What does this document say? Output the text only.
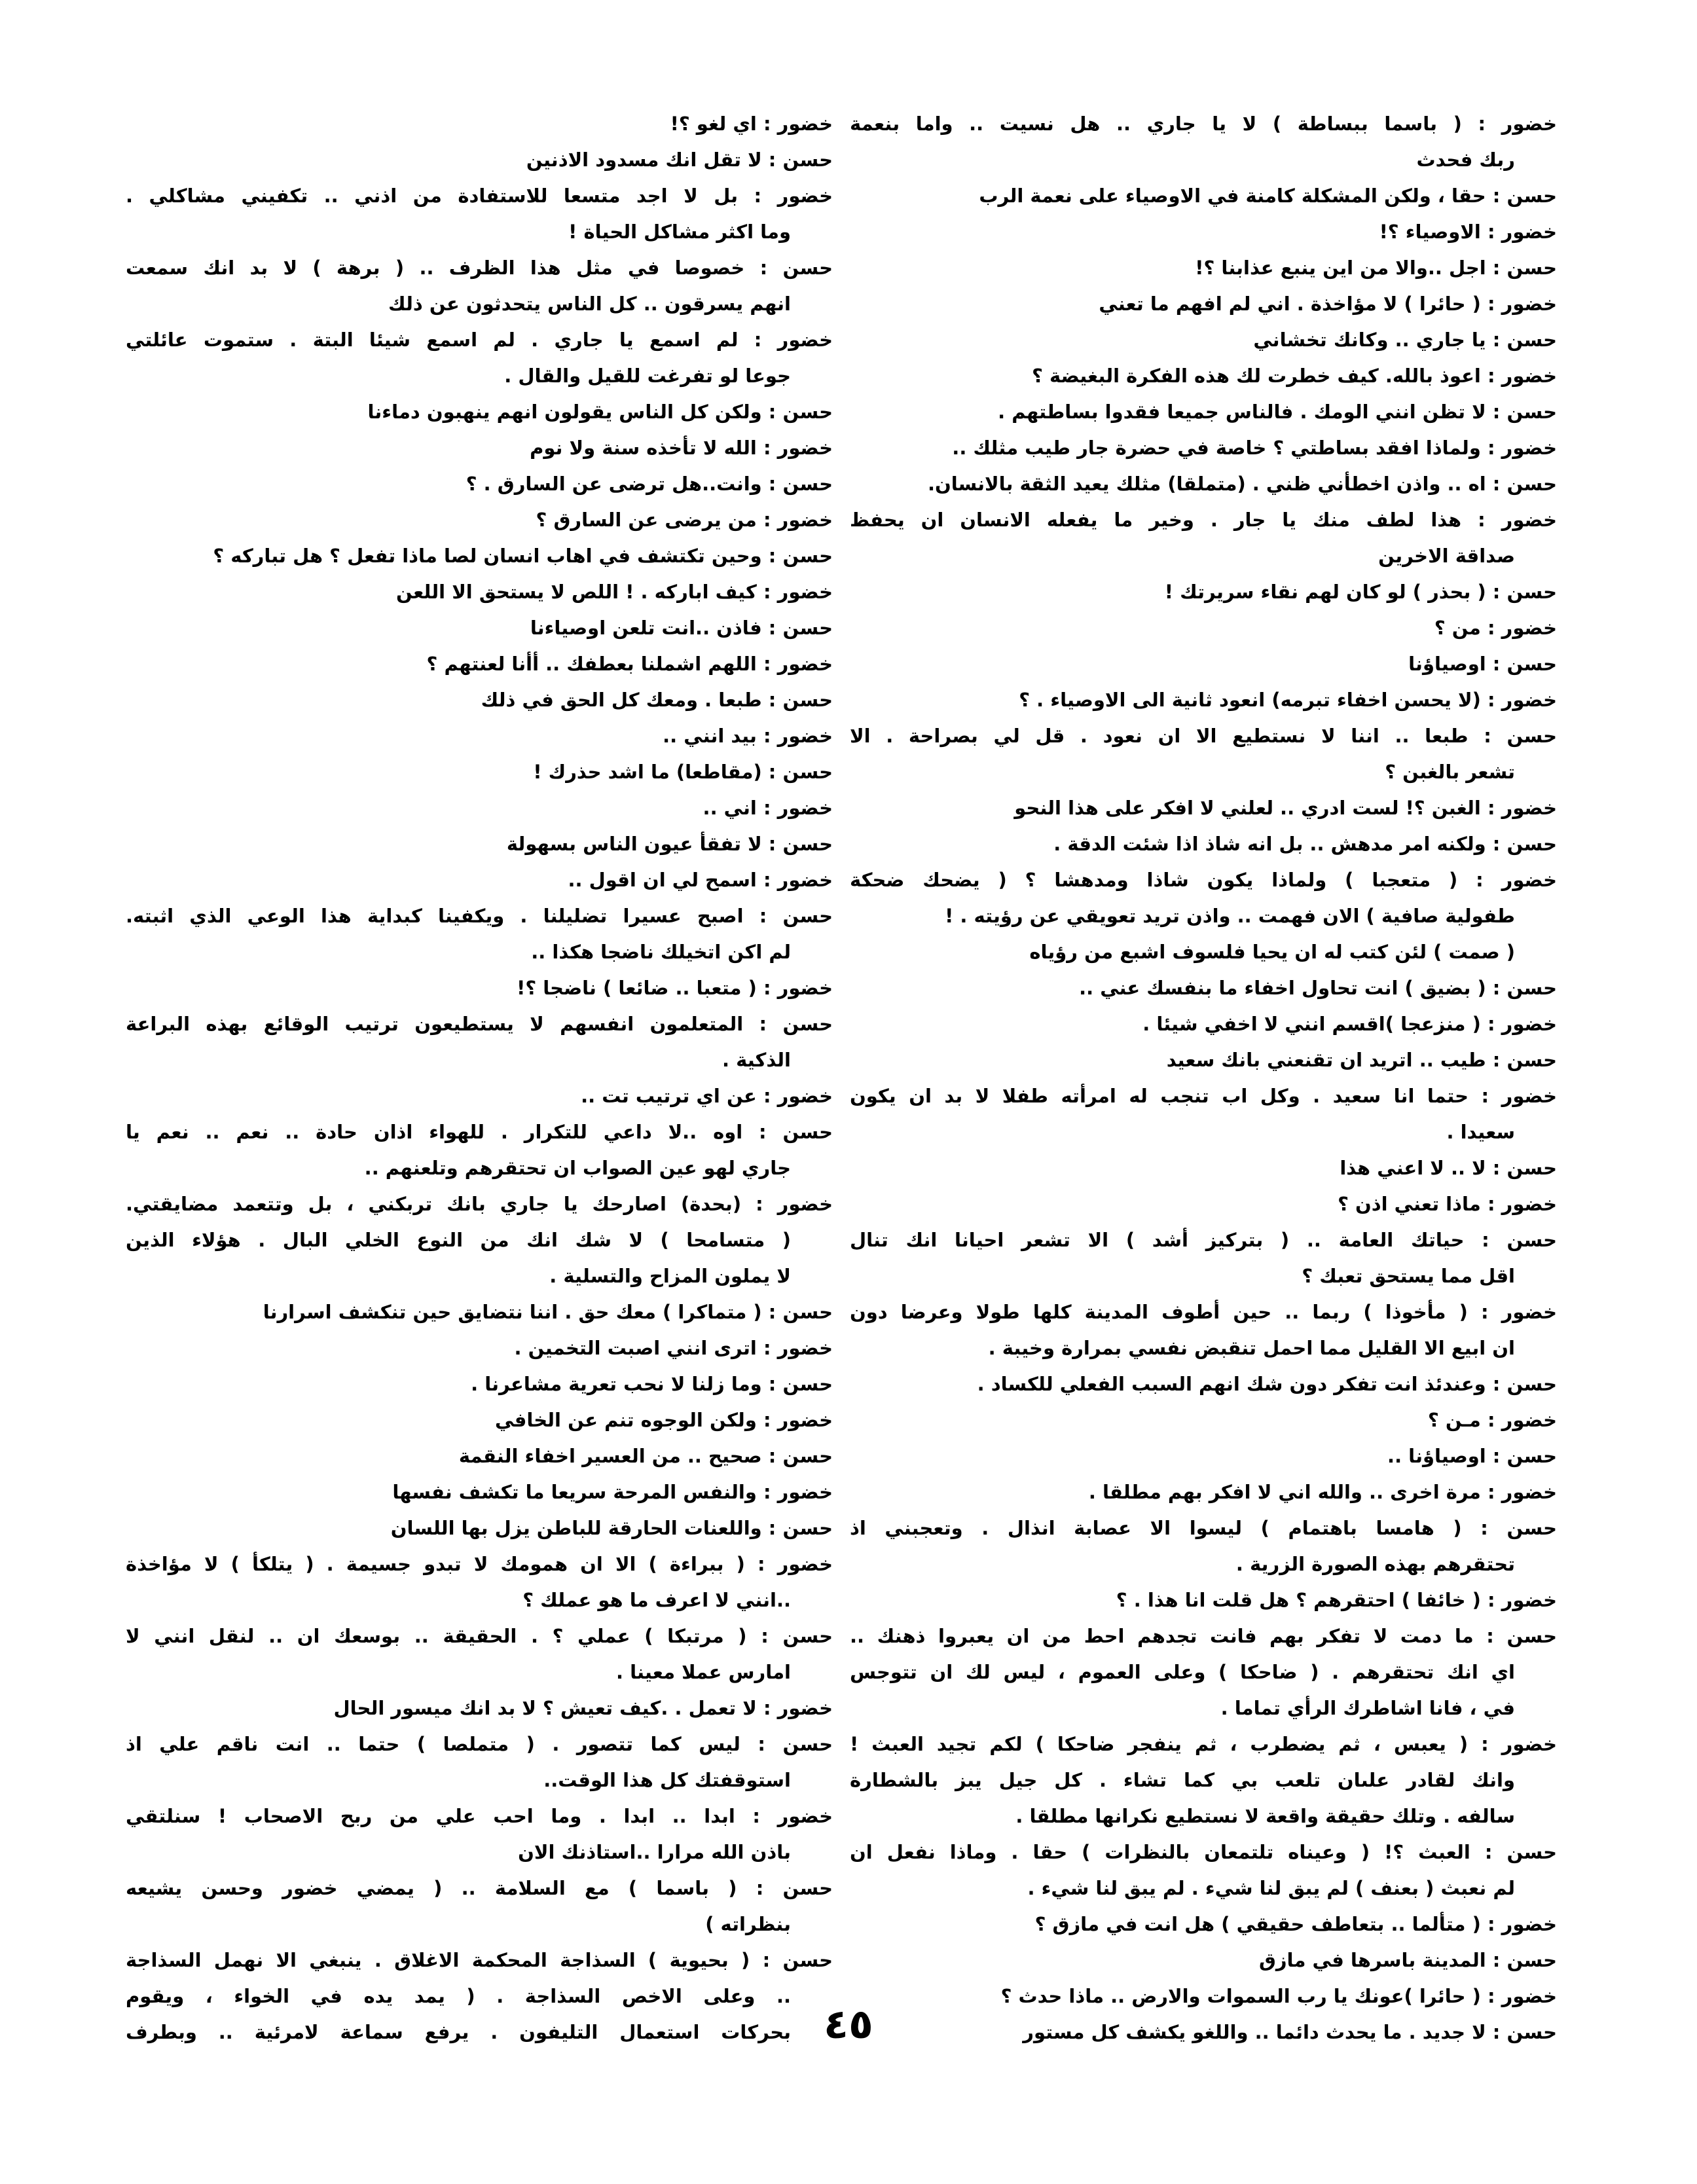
خضور : ( باسما ببساطة ) لا يا جاري .. هل نسيت .. واما بنعمة
ربك فحدث
حسن : حقا ، ولكن المشكلة كامنة في الاوصياء على نعمة الرب
خضور : الاوصياء ؟!
حسن : اجل ..والا من اين ينبع عذابنا ؟!
خضور : ( حائرا ) لا مؤاخذة . اني لم افهم ما تعني
حسن : يا جاري .. وكانك تخشاني
خضور : اعوذ بالله. كيف خطرت لك هذه الفكرة البغيضة ؟
حسن : لا تظن انني الومك . فالناس جميعا فقدوا بساطتهم .
خضور : ولماذا افقد بساطتي ؟ خاصة في حضرة جار طيب مثلك ..
حسن : اه .. واذن اخطأني ظني . (متملقا) مثلك يعيد الثقة بالانسان.
خضور : هذا لطف منك يا جار . وخير ما يفعله الانسان ان يحفظ
صداقة الاخرين
حسن : ( بحذر ) لو كان لهم نقاء سريرتك !
خضور : من ؟
حسن : اوصياؤنا
خضور : (لا يحسن اخفاء تبرمه) انعود ثانية الى الاوصياء . ؟
حسن : طبعا .. اننا لا نستطيع الا ان نعود . قل لي بصراحة . الا
تشعر بالغبن ؟
خضور : الغبن ؟! لست ادري .. لعلني لا افكر على هذا النحو
حسن : ولكنه امر مدهش .. بل انه شاذ اذا شئت الدقة .
خضور : ( متعجبا ) ولماذا يكون شاذا ومدهشا ؟ ( يضحك ضحكة
طفولية صافية ) الان فهمت .. واذن تريد تعويقي عن رؤيته . !
( صمت ) لئن كتب له ان يحيا فلسوف اشبع من رؤياه
حسن : ( بضيق ) انت تحاول اخفاء ما بنفسك عني ..
خضور : ( منزعجا )اقسم انني لا اخفي شيئا .
حسن : طيب .. اتريد ان تقنعني بانك سعيد
خضور : حتما انا سعيد . وكل اب تنجب له امرأته طفلا لا بد ان يكون
سعيدا .
حسن : لا .. لا اعني هذا
خضور : ماذا تعني اذن ؟
حسن : حياتك العامة .. ( بتركيز أشد ) الا تشعر احيانا انك تنال
اقل مما يستحق تعبك ؟
خضور : ( مأخوذا ) ربما .. حين أطوف المدينة كلها طولا وعرضا دون
ان ابيع الا القليل مما احمل تنقبض نفسي بمرارة وخيبة .
حسن : وعندئذ انت تفكر دون شك انهم السبب الفعلي للكساد .
خضور : مـن ؟
حسن : اوصياؤنا ..
خضور : مرة اخرى .. والله اني لا افكر بهم مطلقا .
حسن : ( هامسا باهتمام ) ليسوا الا عصابة انذال . وتعجبني اذ
تحتقرهم بهذه الصورة الزرية .
خضور : ( خائفا ) احتقرهم ؟ هل قلت انا هذا . ؟
حسن : ما دمت لا تفكر بهم فانت تجدهم احط من ان يعبروا ذهنك ..
اي انك تحتقرهم . ( ضاحكا ) وعلى العموم ، ليس لك ان تتوجس
في ، فانا اشاطرك الرأي تماما .
خضور : ( يعبس ، ثم يضطرب ، ثم ينفجر ضاحكا ) لكم تجيد العبث !
وانك لقادر علىان تلعب بي كما تشاء . كل جيل يبز بالشطارة
سالفه . وتلك حقيقة واقعة لا نستطيع نكرانها مطلقا .
حسن : العبث ؟! ( وعيناه تلتمعان بالنظرات ) حقا . وماذا نفعل ان
لم نعبث ( بعنف ) لم يبق لنا شيء . لم يبق لنا شيء .
خضور : ( متألما .. بتعاطف حقيقي ) هل انت في مازق ؟
حسن : المدينة باسرها في مازق
خضور : ( حائرا )عونك يا رب السموات والارض .. ماذا حدث ؟
حسن : لا جديد . ما يحدث دائما .. واللغو يكشف كل مستور
خضور : اي لغو ؟!
حسن : لا تقل انك مسدود الاذنين
خضور : بل لا اجد متسعا للاستفادة من اذني .. تكفيني مشاكلي .
وما اكثر مشاكل الحياة !
حسن : خصوصا في مثل هذا الظرف .. ( برهة ) لا بد انك سمعت
انهم يسرقون .. كل الناس يتحدثون عن ذلك
خضور : لم اسمع يا جاري . لم اسمع شيئا البتة . ستموت عائلتي
جوعا لو تفرغت للقيل والقال .
حسن : ولكن كل الناس يقولون انهم ينهبون دماءنا
خضور : الله لا تأخذه سنة ولا نوم
حسن : وانت..هل ترضى عن السارق . ؟
خضور : من يرضى عن السارق ؟
حسن : وحين تكتشف في اهاب انسان لصا ماذا تفعل ؟ هل تباركه ؟
خضور : كيف اباركه . ! اللص لا يستحق الا اللعن
حسن : فاذن ..انت تلعن اوصياءنا
خضور : اللهم اشملنا بعطفك .. أأنا لعنتهم ؟
حسن : طبعا . ومعك كل الحق في ذلك
خضور : بيد انني ..
حسن : (مقاطعا) ما اشد حذرك !
خضور : اني ..
حسن : لا تفقأ عيون الناس بسهولة
خضور : اسمح لي ان اقول ..
حسن : اصبح عسيرا تضليلنا . ويكفينا كبداية هذا الوعي الذي اثبته.
لم اكن اتخيلك ناضجا هكذا ..
خضور : ( متعبا .. ضائعا ) ناضجا ؟!
حسن : المتعلمون انفسهم لا يستطيعون ترتيب الوقائع بهذه البراعة
الذكية .
خضور : عن اي ترتيب تت ..
حسن : اوه ..لا داعي للتكرار . للهواء اذان حادة .. نعم .. نعم يا
جاري لهو عين الصواب ان تحتقرهم وتلعنهم ..
خضور : (بحدة) اصارحك يا جاري بانك تربكني ، بل وتتعمد مضايقتي.
( متسامحا ) لا شك انك من النوع الخلي البال . هؤلاء الذين
لا يملون المزاح والتسلية .
حسن : ( متماكرا ) معك حق . اننا نتضايق حين تنكشف اسرارنا
خضور : اترى انني اصبت التخمين .
حسن : وما زلنا لا نحب تعرية مشاعرنا .
خضور : ولكن الوجوه تنم عن الخافي
حسن : صحيح .. من العسير اخفاء النقمة
خضور : والنفس المرحة سريعا ما تكشف نفسها
حسن : واللعنات الحارقة للباطن يزل بها اللسان
خضور : ( ببراءة ) الا ان همومك لا تبدو جسيمة . ( يتلكأ ) لا مؤاخذة
..انني لا اعرف ما هو عملك ؟
حسن : ( مرتبكا ) عملي ؟ . الحقيقة .. بوسعك ان .. لنقل انني لا
امارس عملا معينا .
خضور : لا تعمل . .كيف تعيش ؟ لا بد انك ميسور الحال
حسن : ليس كما تتصور . ( متملصا ) حتما .. انت ناقم علي اذ
استوقفتك كل هذا الوقت..
خضور : ابدا .. ابدا . وما احب علي من ربح الاصحاب ! سنلتقي
باذن الله مرارا ..استاذنك الان
حسن : ( باسما ) مع السلامة .. ( يمضي خضور وحسن يشيعه
بنظراته )
حسن : ( بحيوية ) السذاجة المحكمة الاغلاق . ينبغي الا نهمل السذاجة
.. وعلى الاخص السذاجة . ( يمد يده في الخواء ، ويقوم
بحركات استعمال التليفون . يرفع سماعة لامرئية .. وبطرف ٤٥
